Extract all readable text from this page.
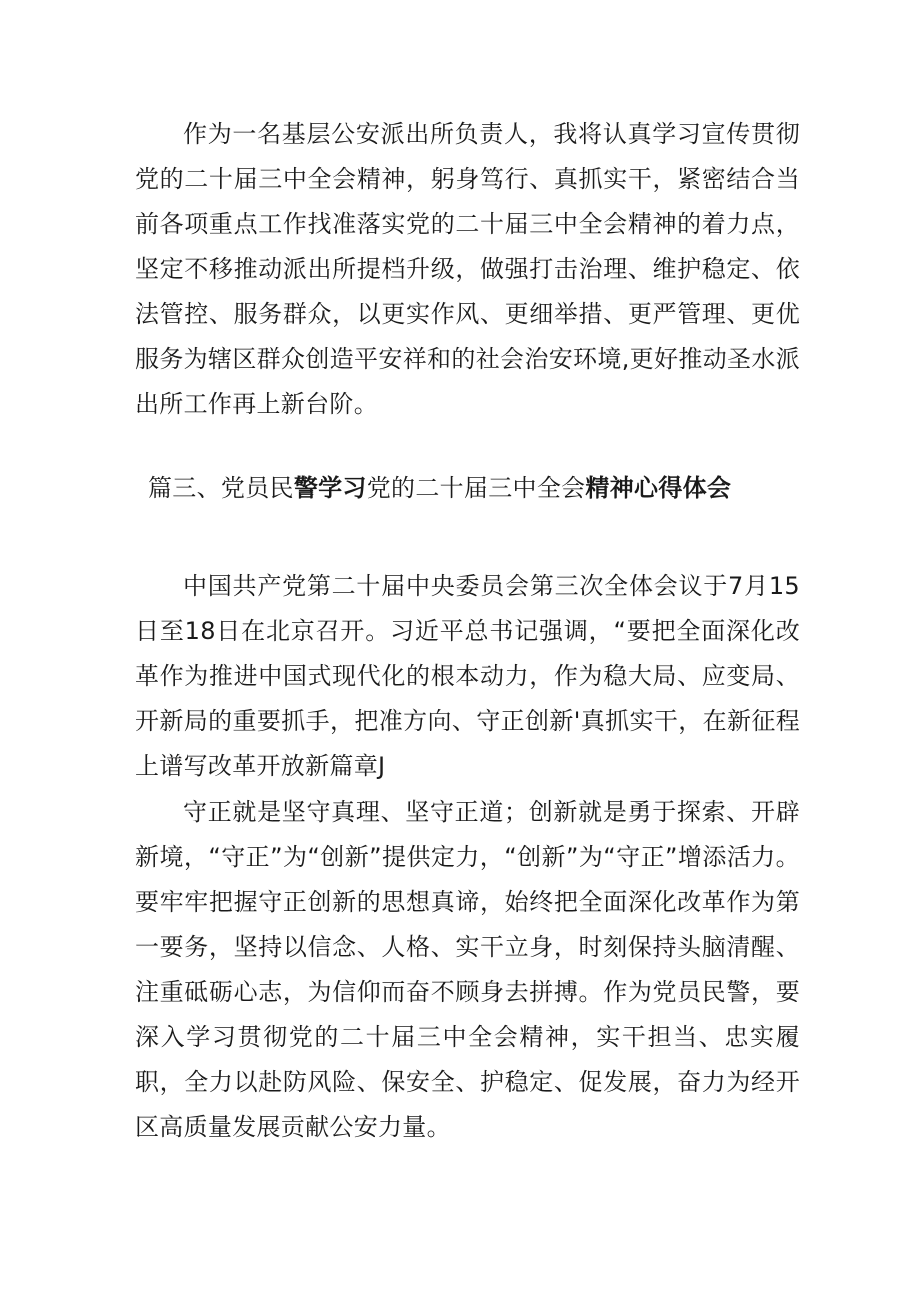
作为一名基层公安派出所负责人，我将认真学习宣传贯彻党的二十届三中全会精神，躬身笃行、真抓实干，紧密结合当前各项重点工作找准落实党的二十届三中全会精神的着力点，坚定不移推动派出所提档升级，做强打击治理、维护稳定、依法管控、服务群众，以更实作风、更细举措、更严管理、更优服务为辖区群众创造平安祥和的社会治安环境,更好推动圣水派出所工作再上新台阶。

篇三、党员民警学习党的二十届三中全会精神心得体会

中国共产党第二十届中央委员会第三次全体会议于7月15日至18日在北京召开。习近平总书记强调，“要把全面深化改革作为推进中国式现代化的根本动力，作为稳大局、应变局、开新局的重要抓手，把准方向、守正创新'真抓实干，在新征程上谱写改革开放新篇章J

守正就是坚守真理、坚守正道；创新就是勇于探索、开辟新境，“守正”为“创新”提供定力，“创新”为“守正”增添活力。要牢牢把握守正创新的思想真谛，始终把全面深化改革作为第一要务，坚持以信念、人格、实干立身，时刻保持头脑清醒、注重砥砺心志，为信仰而奋不顾身去拼搏。作为党员民警，要深入学习贯彻党的二十届三中全会精神，实干担当、忠实履职，全力以赴防风险、保安全、护稳定、促发展，奋力为经开区高质量发展贡献公安力量。
